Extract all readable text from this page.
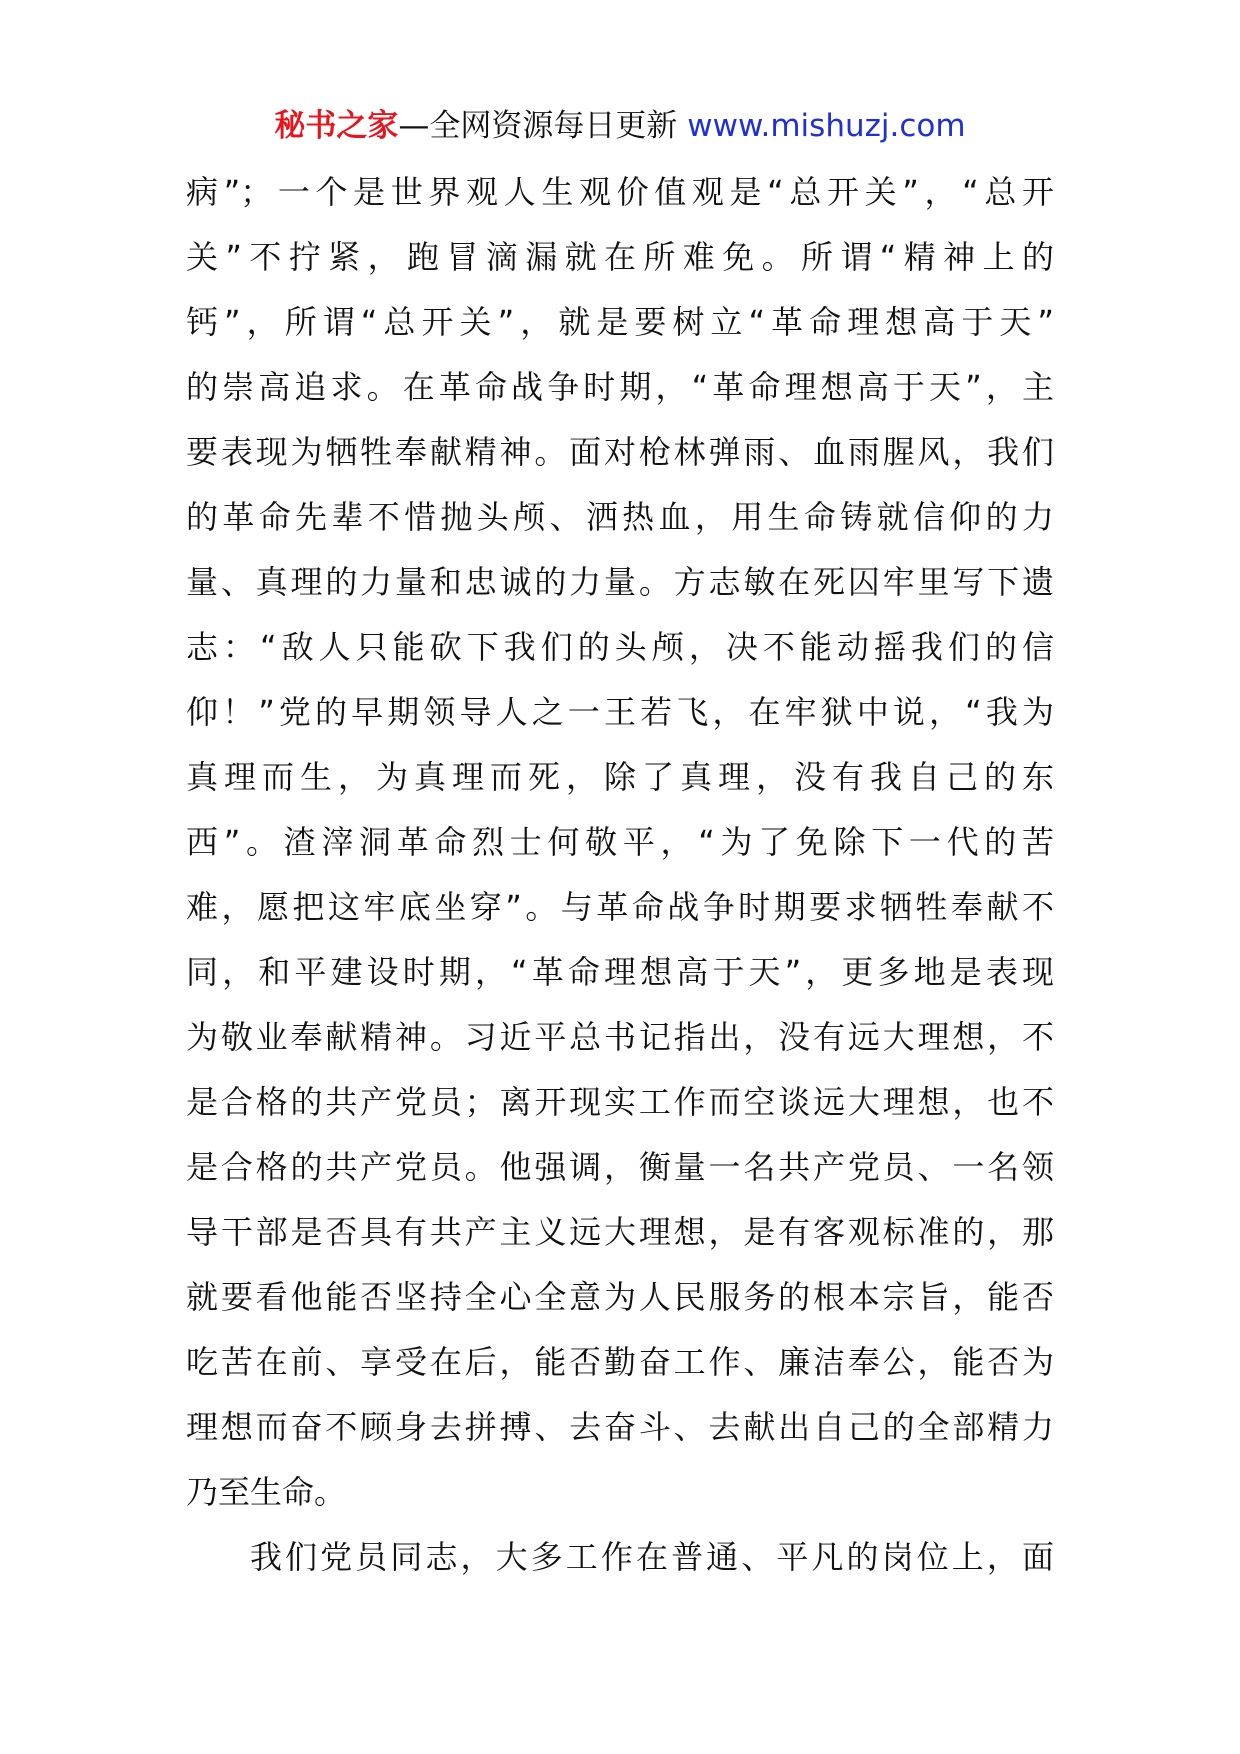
秘书之家—全网资源每日更新 www.mishuzj.com
病”；一个是世界观人生观价值观是“总开关”，“总开
关”不拧紧，跑冒滴漏就在所难免。所谓“精神上的
钙”，所谓“总开关”，就是要树立“革命理想高于天”
的崇高追求。在革命战争时期，“革命理想高于天”，主
要表现为牺牲奉献精神。面对枪林弹雨、血雨腥风，我们
的革命先辈不惜抛头颅、洒热血，用生命铸就信仰的力
量、真理的力量和忠诚的力量。方志敏在死囚牢里写下遗
志：“敌人只能砍下我们的头颅，决不能动摇我们的信
仰！”党的早期领导人之一王若飞，在牢狱中说，“我为
真理而生，为真理而死，除了真理，没有我自己的东
西”。渣滓洞革命烈士何敬平，“为了免除下一代的苦
难，愿把这牢底坐穿”。与革命战争时期要求牺牲奉献不
同，和平建设时期，“革命理想高于天”，更多地是表现
为敬业奉献精神。习近平总书记指出，没有远大理想，不
是合格的共产党员；离开现实工作而空谈远大理想，也不
是合格的共产党员。他强调，衡量一名共产党员、一名领
导干部是否具有共产主义远大理想，是有客观标准的，那
就要看他能否坚持全心全意为人民服务的根本宗旨，能否
吃苦在前、享受在后，能否勤奋工作、廉洁奉公，能否为
理想而奋不顾身去拼搏、去奋斗、去献出自己的全部精力
乃至生命。
我们党员同志，大多工作在普通、平凡的岗位上，面
